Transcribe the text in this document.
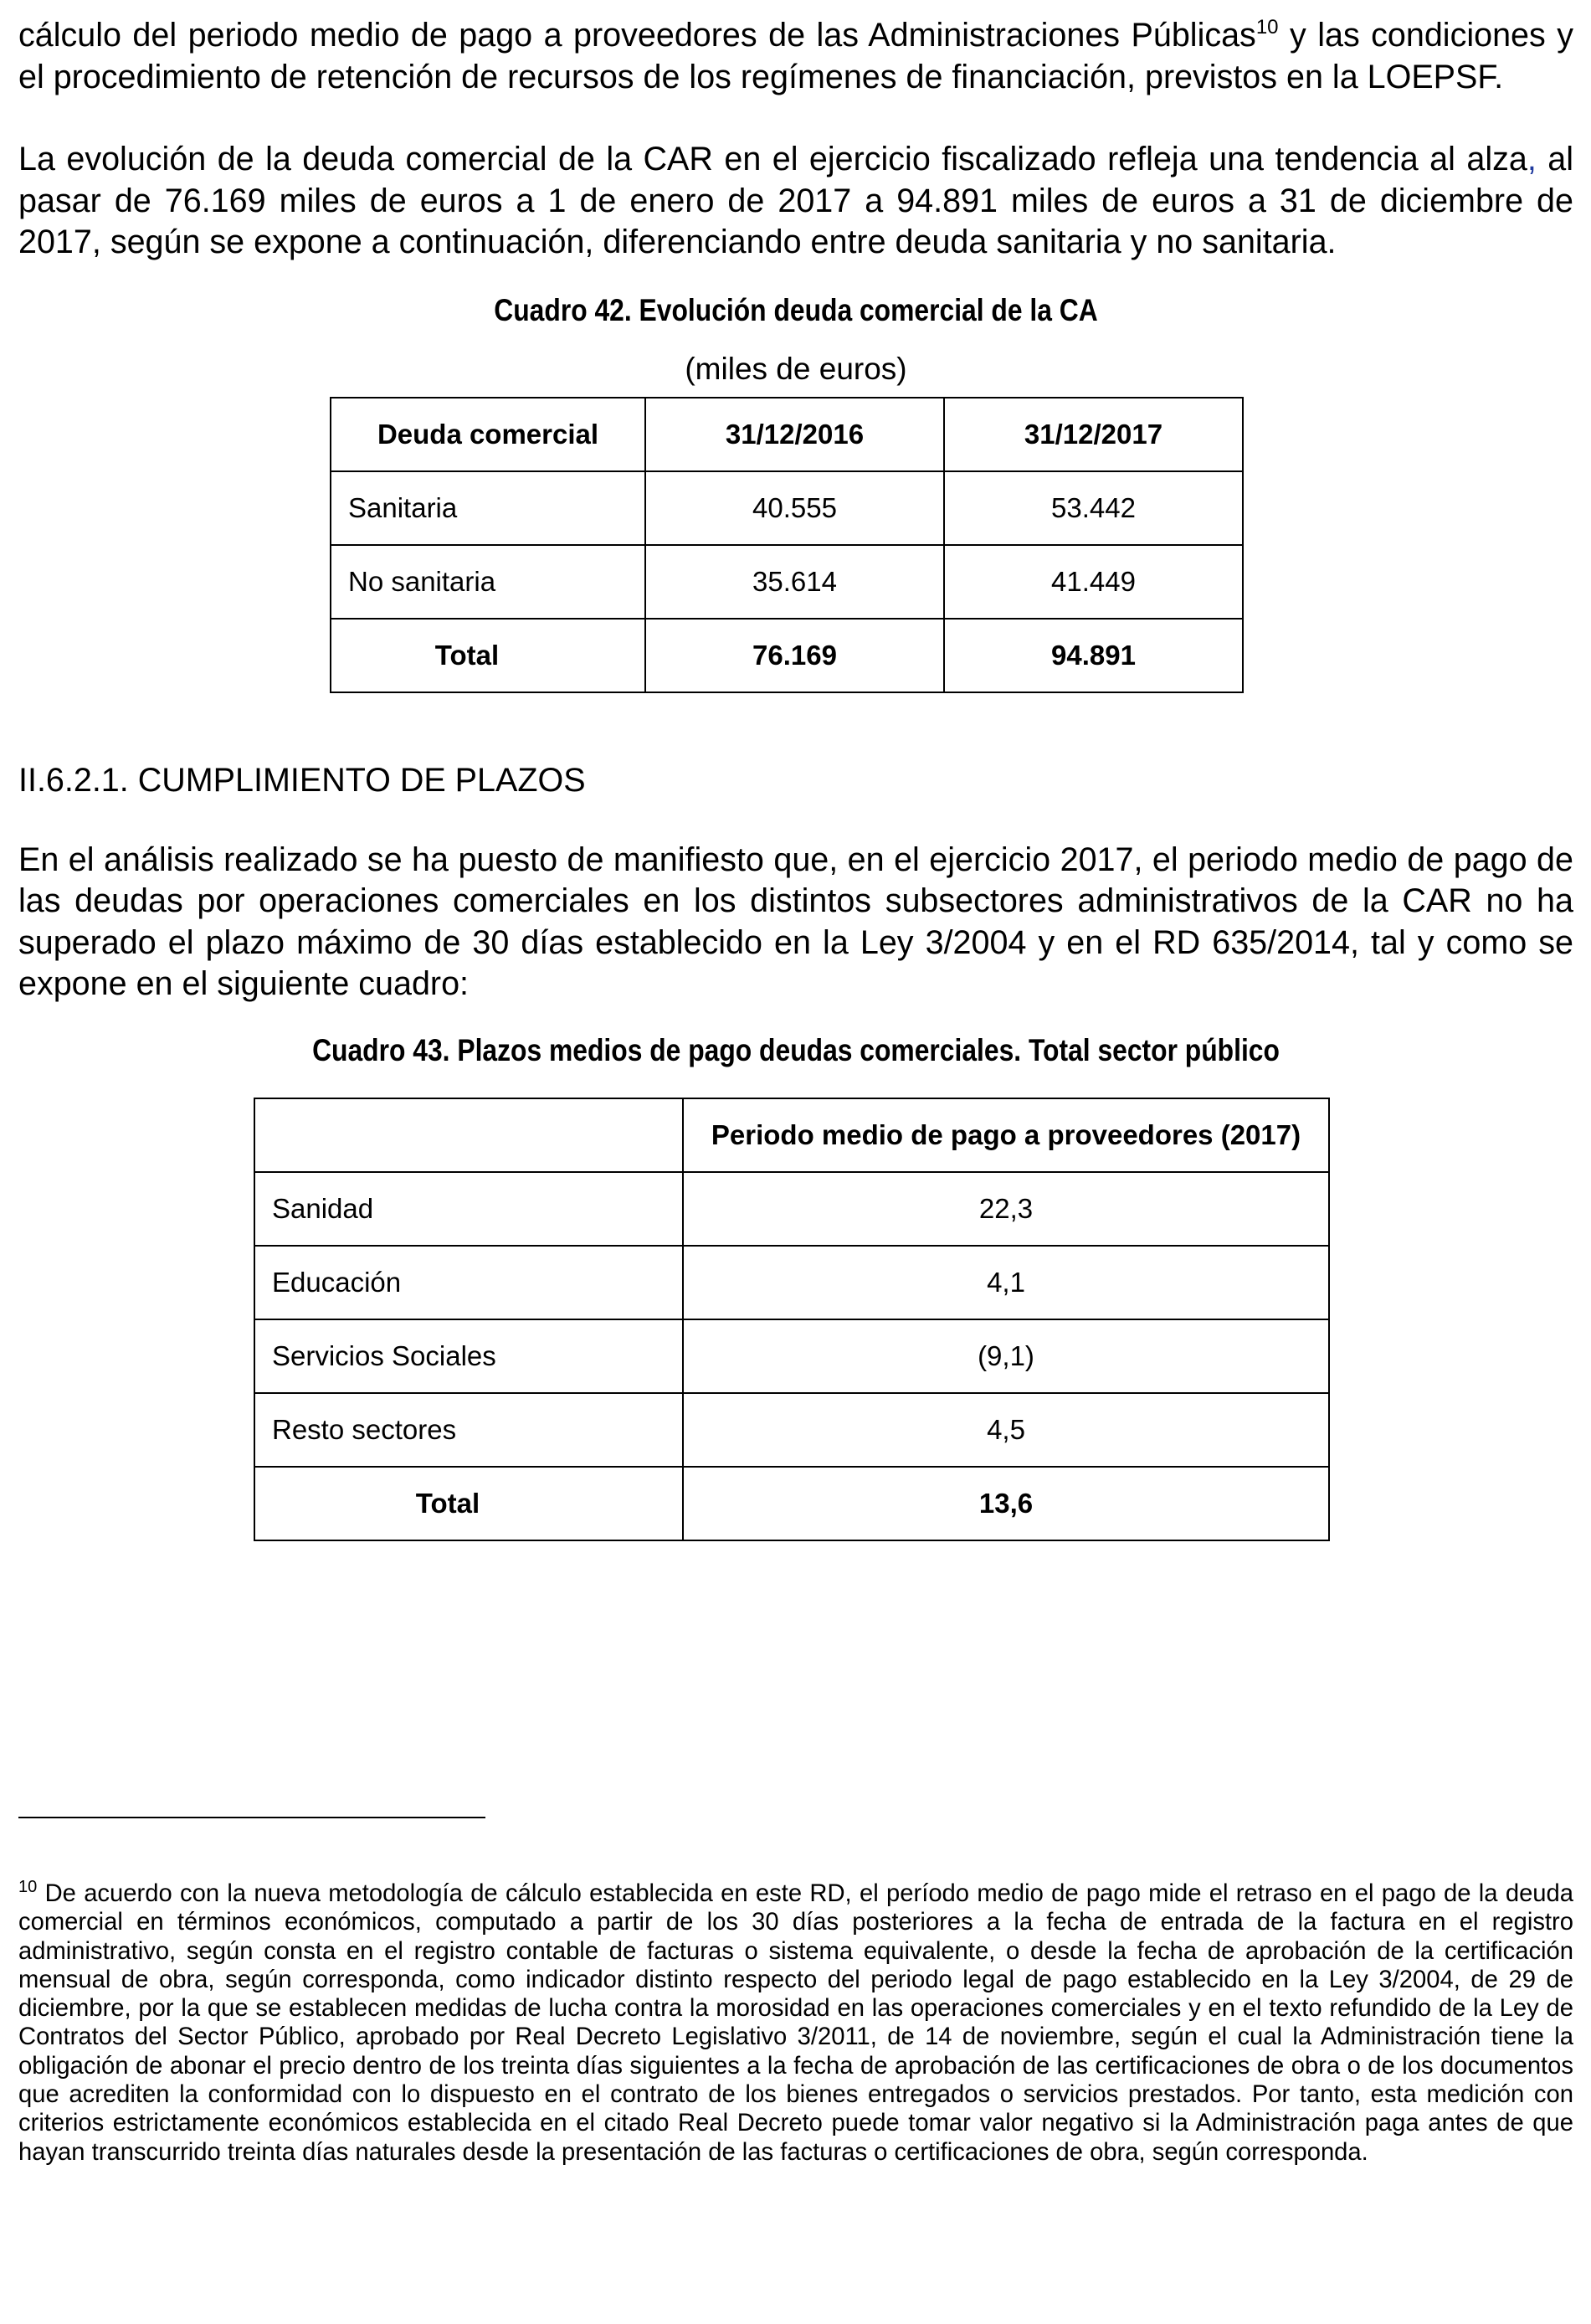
cálculo del periodo medio de pago a proveedores de las Administraciones Públicas$^{10}$ y las condiciones y el procedimiento de retención de recursos de los regímenes de financiación, previstos en la LOEPSF.

La evolución de la deuda comercial de la CAR en el ejercicio fiscalizado refleja una tendencia al alza, al pasar de 76.169 miles de euros a 1 de enero de 2017 a 94.891 miles de euros a 31 de diciembre de 2017, según se expone a continuación, diferenciando entre deuda sanitaria y no sanitaria.

Cuadro 42. Evolución deuda comercial de la CA

(miles de euros)

Deuda comercial	31/12/2016	31/12/2017
Sanitaria	40.555	53.442
No sanitaria	35.614	41.449
Total	76.169	94.891

II.6.2.1. CUMPLIMIENTO DE PLAZOS

En el análisis realizado se ha puesto de manifiesto que, en el ejercicio 2017, el periodo medio de pago de las deudas por operaciones comerciales en los distintos subsectores administrativos de la CAR no ha superado el plazo máximo de 30 días establecido en la Ley 3/2004 y en el RD 635/2014, tal y como se expone en el siguiente cuadro:

Cuadro 43. Plazos medios de pago deudas comerciales. Total sector público

	Periodo medio de pago a proveedores (2017)
Sanidad	22,3
Educación	4,1
Servicios Sociales	(9,1)
Resto sectores	4,5
Total	13,6

$^{10}$ De acuerdo con la nueva metodología de cálculo establecida en este RD, el período medio de pago mide el retraso en el pago de la deuda comercial en términos económicos, computado a partir de los 30 días posteriores a la fecha de entrada de la factura en el registro administrativo, según consta en el registro contable de facturas o sistema equivalente, o desde la fecha de aprobación de la certificación mensual de obra, según corresponda, como indicador distinto respecto del periodo legal de pago establecido en la Ley 3/2004, de 29 de diciembre, por la que se establecen medidas de lucha contra la morosidad en las operaciones comerciales y en el texto refundido de la Ley de Contratos del Sector Público, aprobado por Real Decreto Legislativo 3/2011, de 14 de noviembre, según el cual la Administración tiene la obligación de abonar el precio dentro de los treinta días siguientes a la fecha de aprobación de las certificaciones de obra o de los documentos que acrediten la conformidad con lo dispuesto en el contrato de los bienes entregados o servicios prestados. Por tanto, esta medición con criterios estrictamente económicos establecida en el citado Real Decreto puede tomar valor negativo si la Administración paga antes de que hayan transcurrido treinta días naturales desde la presentación de las facturas o certificaciones de obra, según corresponda.
